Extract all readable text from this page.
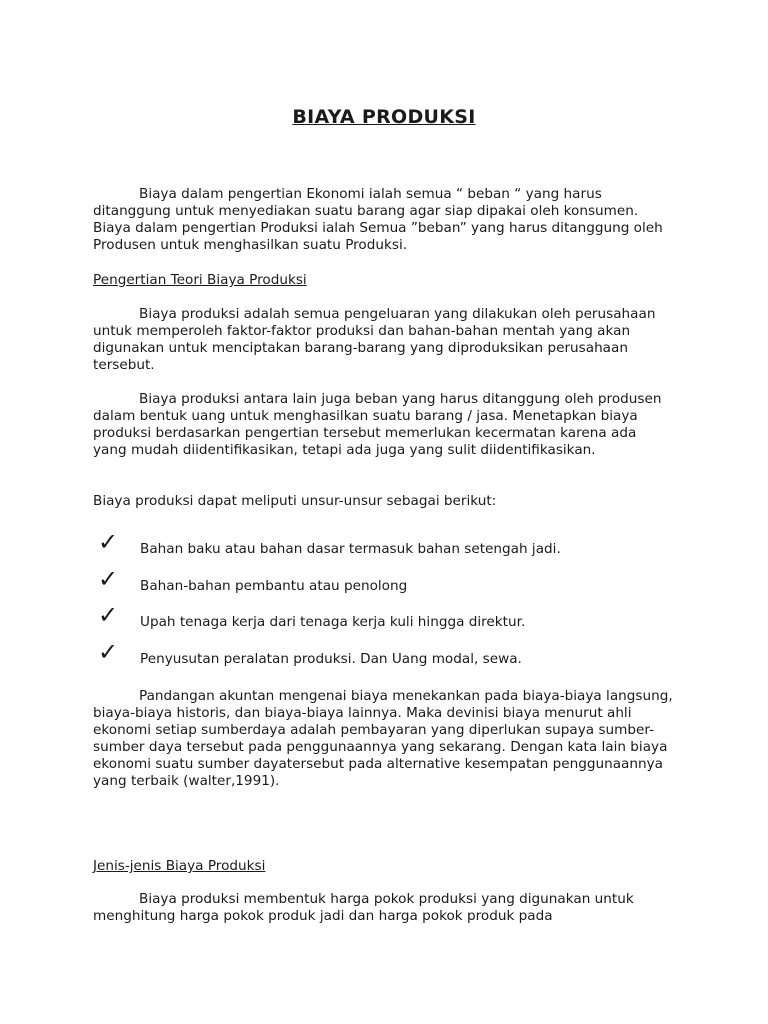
BIAYA PRODUKSI

Biaya dalam pengertian Ekonomi ialah semua “ beban “ yang harus ditanggung untuk menyediakan suatu barang agar siap dipakai oleh konsumen. Biaya dalam pengertian Produksi ialah Semua ”beban” yang harus ditanggung oleh Produsen untuk menghasilkan suatu Produksi.

Pengertian Teori Biaya Produksi

Biaya produksi adalah semua pengeluaran yang dilakukan oleh perusahaan untuk memperoleh faktor-faktor produksi dan bahan-bahan mentah yang akan digunakan untuk menciptakan barang-barang yang diproduksikan perusahaan tersebut.

Biaya produksi antara lain juga beban yang harus ditanggung oleh produsen dalam bentuk uang untuk menghasilkan suatu barang / jasa. Menetapkan biaya produksi berdasarkan pengertian tersebut memerlukan kecermatan karena ada yang mudah diidentifikasikan, tetapi ada juga yang sulit diidentifikasikan.

Biaya produksi dapat meliputi unsur-unsur sebagai berikut:

✓ Bahan baku atau bahan dasar termasuk bahan setengah jadi.
✓ Bahan-bahan pembantu atau penolong
✓ Upah tenaga kerja dari tenaga kerja kuli hingga direktur.
✓ Penyusutan peralatan produksi. Dan Uang modal, sewa.

Pandangan akuntan mengenai biaya menekankan pada biaya-biaya langsung, biaya-biaya historis, dan biaya-biaya lainnya. Maka devinisi biaya menurut ahli ekonomi setiap sumberdaya adalah pembayaran yang diperlukan supaya sumber-sumber daya tersebut pada penggunaannya yang sekarang. Dengan kata lain biaya ekonomi suatu sumber dayatersebut pada alternative kesempatan penggunaannya yang terbaik (walter,1991).

Jenis-jenis Biaya Produksi

Biaya produksi membentuk harga pokok produksi yang digunakan untuk menghitung harga pokok produk jadi dan harga pokok produk pada
